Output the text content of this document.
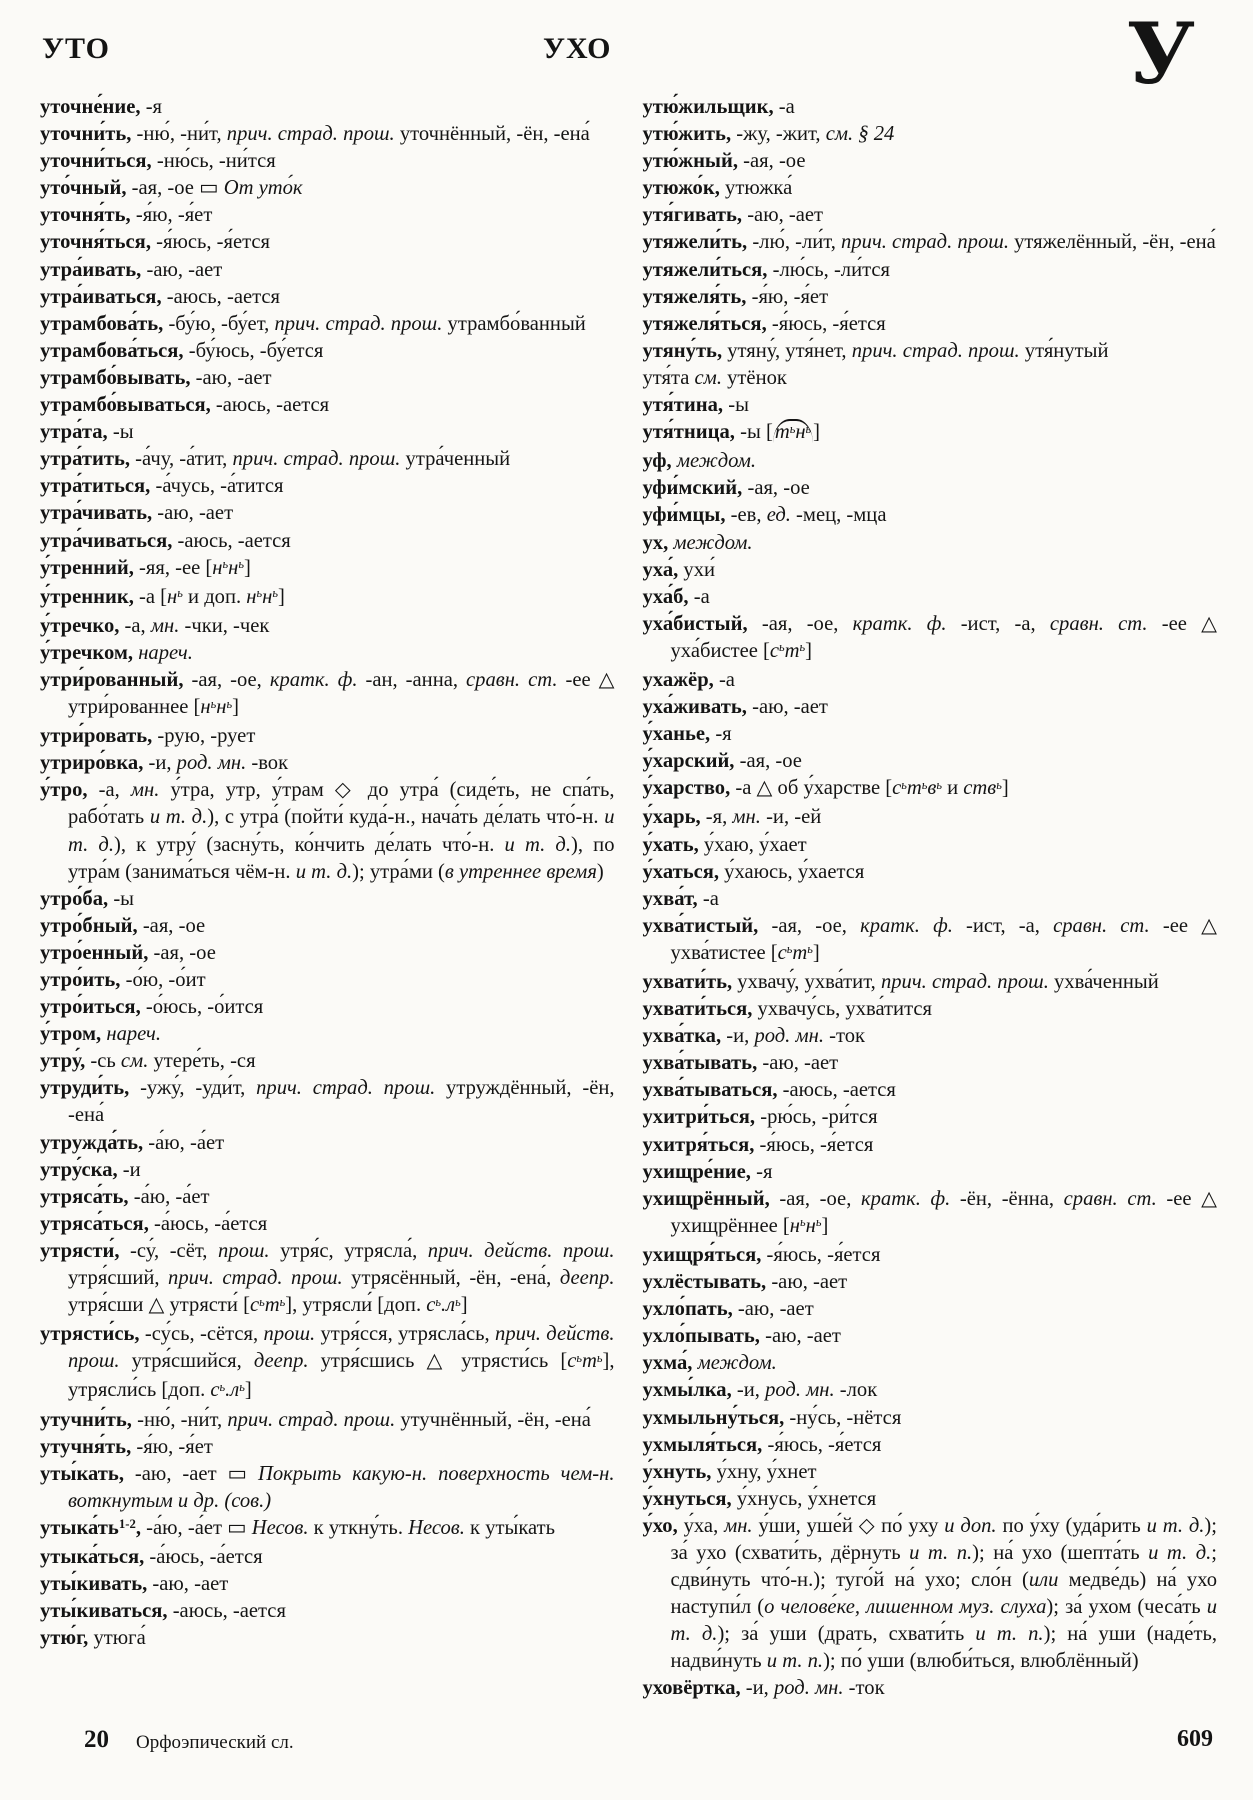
УТО	УХО	У
уточне́ние, -я
уточни́ть, -ню́, -ни́т, прич. страд. прош. уточнённый, -ён, -ена́
уточни́ться, -ню́сь, -ни́тся
уто́чный, -ая, -ое ▭ От уто́к
уточня́ть, -я́ю, -я́ет
уточня́ться, -я́юсь, -я́ется
утра́ивать, -аю, -ает
утра́иваться, -аюсь, -ается
утрамбова́ть, -бу́ю, -бу́ет, прич. страд. прош. утрамбо́ванный
утрамбова́ться, -бу́юсь, -бу́ется
утрамбо́вывать, -аю, -ает
утрамбо́вываться, -аюсь, -ается
утра́та, -ы
утра́тить, -а́чу, -а́тит, прич. страд. прош. утра́ченный
утра́титься, -а́чусь, -а́тится
утра́чивать, -аю, -ает
утра́чиваться, -аюсь, -ается
у́тренний, -яя, -ее $[н^ьн^ь]$
у́тренник, -а [$н^ь$ и доп. $н^ьн^ь$]
у́тречко, -а, мн. -чки, -чек
у́тречком, нареч.
утри́рованный, -ая, -ое, кратк. ф. -ан, -анна, сравн. ст. -ее △ утри́рованнее $[н^ьн^ь]$
утри́ровать, -рую, -рует
утриро́вка, -и, род. мн. -вок
у́тро, -а, мн. у́тра, утр, у́трам ◇ до утра́ (сиде́ть, не спа́ть, рабо́тать и т. д.), с утра́ (пойти́ куда́-н., нача́ть де́лать что́-н. и т. д.), к утру́ (засну́ть, ко́нчить де́лать что́-н. и т. д.), по утра́м (занима́ться чём-н. и т. д.); утра́ми (в утреннее время)
утро́ба, -ы
утро́бный, -ая, -ое
утро́енный, -ая, -ое
утро́ить, -о́ю, -о́ит
утро́иться, -о́юсь, -о́ится
у́тром, нареч.
утру́, -сь см. утере́ть, -ся
утруди́ть, -ужу́, -уди́т, прич. страд. прош. утруждённый, -ён, -ена́
утружда́ть, -а́ю, -а́ет
утру́ска, -и
утряса́ть, -а́ю, -а́ет
утряса́ться, -а́юсь, -а́ется
утрясти́, -су́, -сёт, прош. утря́с, утрясла́, прич. действ. прош. утря́сший, прич. страд. прош. утрясённый, -ён, -ена́, деепр. утря́сши △ утрясти́ $[с^ьт^ь]$, утрясли́ [доп. $с^ь.л^ь$]
утрясти́сь, -су́сь, -сётся, прош. утря́сся, утрясла́сь, прич. действ. прош. утря́сшийся, деепр. утря́сшись △ утрясти́сь $[с^ьт^ь]$, утрясли́сь [доп. $с^ь.л^ь$]
утучни́ть, -ню́, -ни́т, прич. страд. прош. утучнённый, -ён, -ена́
утучня́ть, -я́ю, -я́ет
уты́кать, -аю, -ает ▭ Покрыть какую-н. поверхность чем-н. воткнутым и др. (сов.)
$утыка́ть^{1-2}$, -а́ю, -а́ет ▭ Несов. к уткну́ть. Несов. к уты́кать
утыка́ться, -а́юсь, -а́ется
уты́кивать, -аю, -ает
уты́киваться, -аюсь, -ается
утю́г, утюга́
утю́жильщик, -а
утю́жить, -жу, -жит, см. § 24
утю́жный, -ая, -ое
утюжо́к, утюжка́
утя́гивать, -аю, -ает
утяжели́ть, -лю́, -ли́т, прич. страд. прош. утяжелённый, -ён, -ена́
утяжели́ться, -лю́сь, -ли́тся
утяжеля́ть, -я́ю, -я́ет
утяжеля́ться, -я́юсь, -я́ется
утяну́ть, утяну́, утя́нет, прич. страд. прош. утя́нутый
утя́та см. утёнок
утя́тина, -ы
утя́тница, -ы $[т^ьн^ь]$
уф, междом.
уфи́мский, -ая, -ое
уфи́мцы, -ев, ед. -мец, -мца
ух, междом.
уха́, ухи́
уха́б, -а
уха́бистый, -ая, -ое, кратк. ф. -ист, -а, сравн. ст. -ее △ уха́бистее $[с^ьт^ь]$
ухажёр, -а
уха́живать, -аю, -ает
у́ханье, -я
у́харский, -ая, -ое
у́харство, -а △ об у́харстве [$с^ьт^ьв^ь$ и ств$^ь$]
у́харь, -я, мн. -и, -ей
у́хать, у́хаю, у́хает
у́хаться, у́хаюсь, у́хается
ухва́т, -а
ухва́тистый, -ая, -ое, кратк. ф. -ист, -а, сравн. ст. -ее △ ухва́тистее $[с^ьт^ь]$
ухвати́ть, ухвачу́, ухва́тит, прич. страд. прош. ухва́ченный
ухвати́ться, ухвачу́сь, ухва́тится
ухва́тка, -и, род. мн. -ток
ухва́тывать, -аю, -ает
ухва́тываться, -аюсь, -ается
ухитри́ться, -рю́сь, -ри́тся
ухитря́ться, -я́юсь, -я́ется
ухищре́ние, -я
ухищрённый, -ая, -ое, кратк. ф. -ён, -ённа, сравн. ст. -ее △ ухищрённее $[н^ьн^ь]$
ухищря́ться, -я́юсь, -я́ется
ухлёстывать, -аю, -ает
ухло́пать, -аю, -ает
ухло́пывать, -аю, -ает
ухма́, междом.
ухмы́лка, -и, род. мн. -лок
ухмыльну́ться, -ну́сь, -нётся
ухмыля́ться, -я́юсь, -я́ется
у́хнуть, у́хну, у́хнет
у́хнуться, у́хнусь, у́хнется
у́хо, у́ха, мн. у́ши, уше́й ◇ по́ уху и доп. по у́ху (уда́рить и т. д.); за́ ухо (схвати́ть, дёрнуть и т. п.); на́ ухо (шепта́ть и т. д.; сдви́нуть что́-н.); туго́й на́ ухо; сло́н (или медве́дь) на́ ухо наступи́л (о челове́ке, лишенном муз. слуха); за́ ухом (чеса́ть и т. д.); за́ уши (драть, схвати́ть и т. п.); на́ уши (наде́ть, надви́нуть и т. п.); по́ уши (влюби́ться, влюблённый)
уховёртка, -и, род. мн. -ток
20 Орфоэпический сл.	609
